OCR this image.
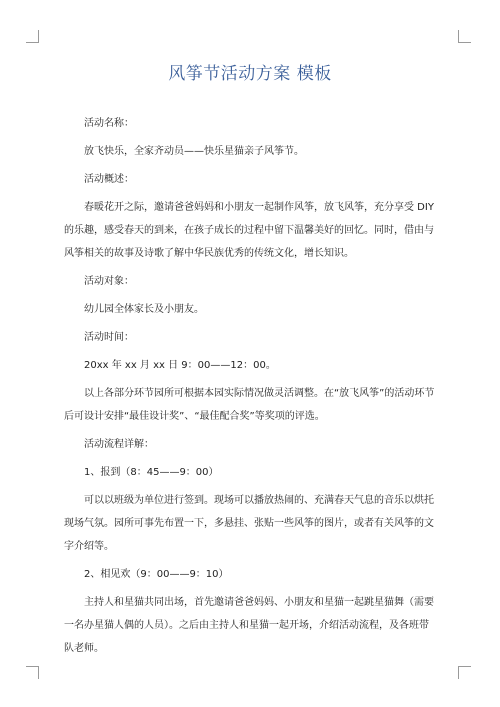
风筝节活动方案 模板

活动名称：

放飞快乐，全家齐动员——快乐星猫亲子风筝节。

活动概述：

春暖花开之际，邀请爸爸妈妈和小朋友一起制作风筝，放飞风筝，充分享受 DIY 的乐趣，感受春天的到来，在孩子成长的过程中留下温馨美好的回忆。同时，借由与风筝相关的故事及诗歌了解中华民族优秀的传统文化，增长知识。

活动对象：

幼儿园全体家长及小朋友。

活动时间：

20xx 年 xx 月 xx 日 9：00——12：00。

以上各部分环节园所可根据本园实际情况做灵活调整。在“放飞风筝”的活动环节后可设计安排“最佳设计奖”、“最佳配合奖”等奖项的评选。

活动流程详解：

1、报到（8：45——9：00）

可以以班级为单位进行签到。现场可以播放热闹的、充满春天气息的音乐以烘托现场气氛。园所可事先布置一下，多悬挂、张贴一些风筝的图片，或者有关风筝的文字介绍等。

2、相见欢（9：00——9：10）

主持人和星猫共同出场，首先邀请爸爸妈妈、小朋友和星猫一起跳星猫舞（需要一名办星猫人偶的人员）。之后由主持人和星猫一起开场，介绍活动流程，及各班带队老师。
